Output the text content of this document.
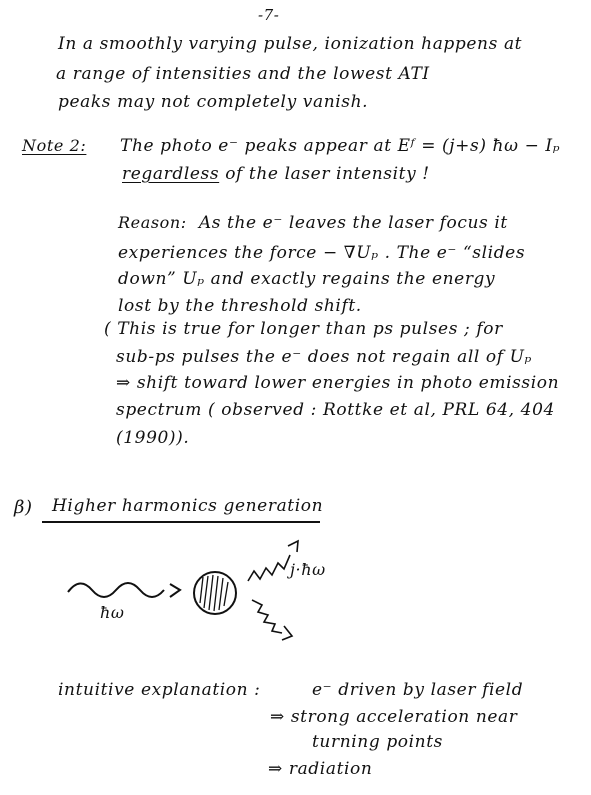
-7-
In a smoothly varying pulse, ionization happens at
a range of intensities and the lowest ATI
peaks may not completely vanish.
Note 2: The photo e⁻ peaks appear at Eᶠ = (j+s) ħω − Iₚ
regardless of the laser intensity !
Reason: As the e⁻ leaves the laser focus it
experiences the force − ∇Uₚ . The e⁻ “slides
down” Uₚ and exactly regains the energy
lost by the threshold shift.
( This is true for longer than ps pulses ; for
sub-ps pulses the e⁻ does not regain all of Uₚ
⇒ shift toward lower energies in photo emission
spectrum ( observed : Rottke et al, PRL 64, 404
(1990)).
β) Higher harmonics generation
ħω
j·ħω
intuitive explanation :	e⁻ driven by laser field
⇒ strong acceleration near
turning points
⇒ radiation
